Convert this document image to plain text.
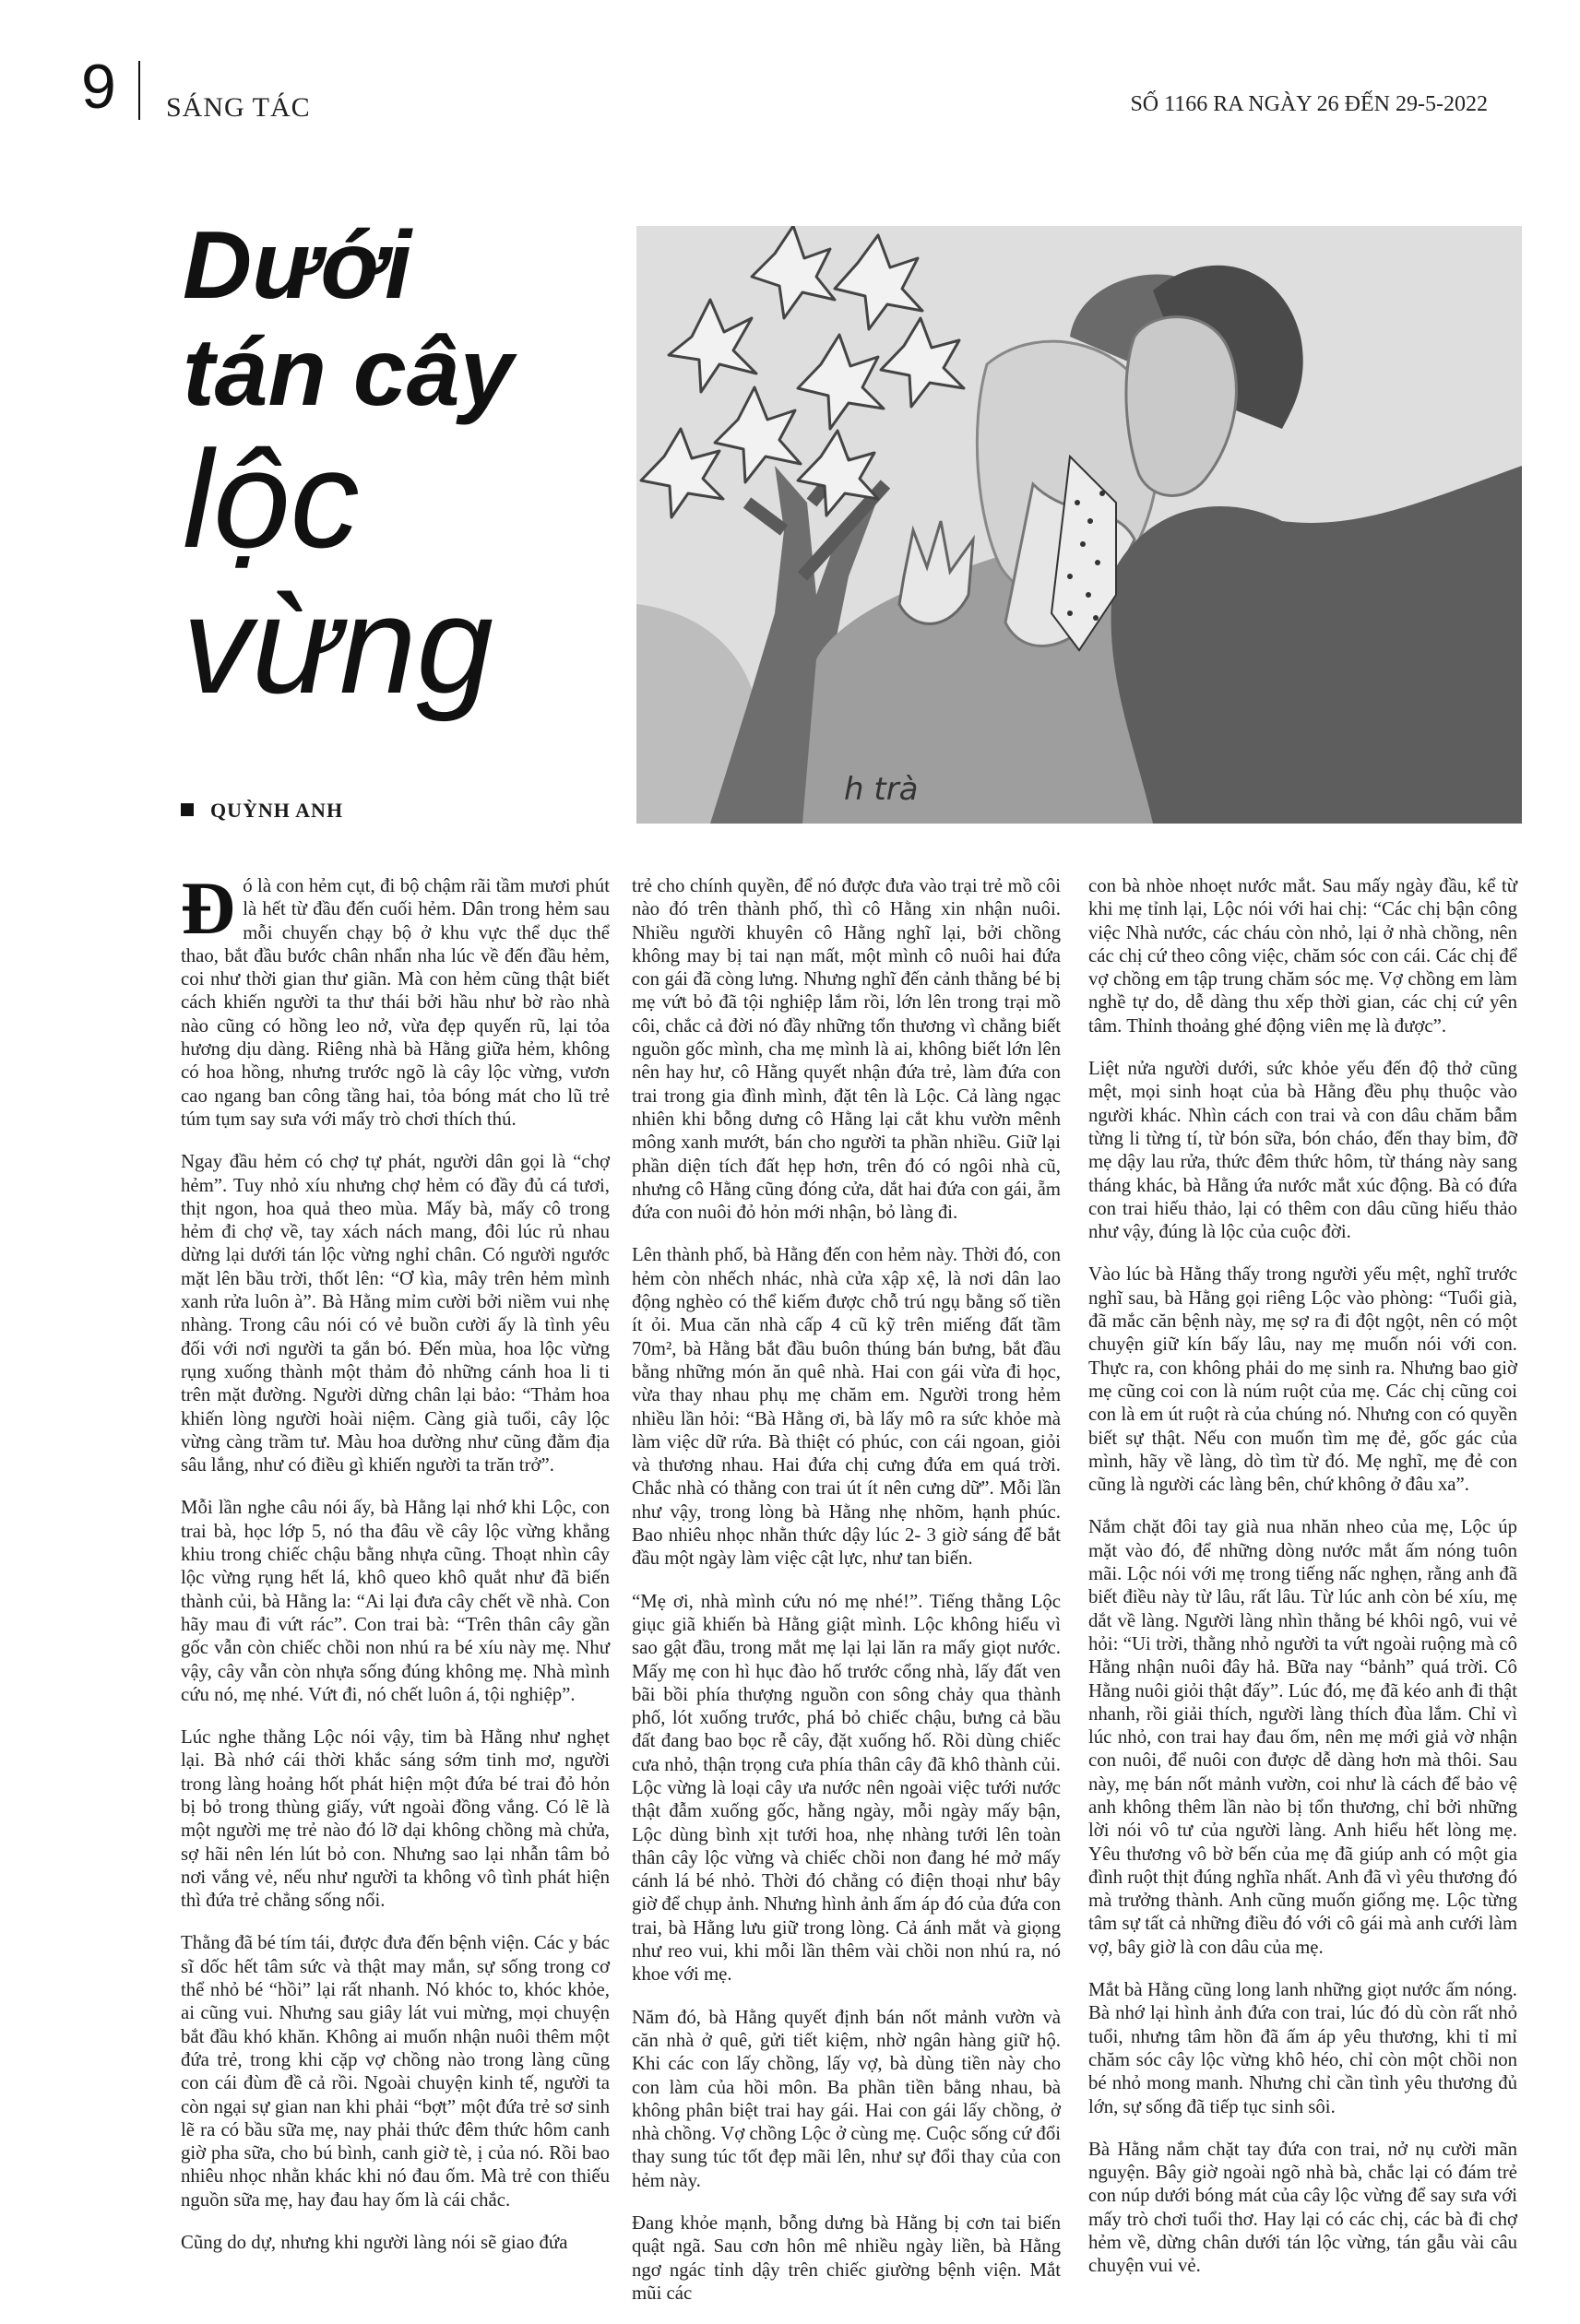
9 SÁNG TÁC	SỐ 1166 RA NGÀY 26 ĐẾN 29-5-2022
Dưới
tán cây
lộc
vừng
QUỲNH ANH
h trà

Đó là con hẻm cụt, đi bộ chậm rãi tầm mươi phút là hết từ đầu đến cuối hẻm. Dân trong hẻm sau mỗi chuyến chạy bộ ở khu vực thể dục thể thao, bắt đầu bước chân nhẩn nha lúc về đến đầu hẻm, coi như thời gian thư giãn. Mà con hẻm cũng thật biết cách khiến người ta thư thái bởi hầu như bờ rào nhà nào cũng có hồng leo nở, vừa đẹp quyến rũ, lại tỏa hương dịu dàng. Riêng nhà bà Hằng giữa hẻm, không có hoa hồng, nhưng trước ngõ là cây lộc vừng, vươn cao ngang ban công tầng hai, tỏa bóng mát cho lũ trẻ túm tụm say sưa với mấy trò chơi thích thú.

Ngay đầu hẻm có chợ tự phát, người dân gọi là “chợ hẻm”. Tuy nhỏ xíu nhưng chợ hẻm có đầy đủ cá tươi, thịt ngon, hoa quả theo mùa. Mấy bà, mấy cô trong hẻm đi chợ về, tay xách nách mang, đôi lúc rủ nhau dừng lại dưới tán lộc vừng nghỉ chân. Có người ngước mặt lên bầu trời, thốt lên: “Ơ kìa, mây trên hẻm mình xanh rửa luôn à”. Bà Hằng mỉm cười bởi niềm vui nhẹ nhàng. Trong câu nói có vẻ buồn cười ấy là tình yêu đối với nơi người ta gắn bó. Đến mùa, hoa lộc vừng rụng xuống thành một thảm đỏ những cánh hoa li ti trên mặt đường. Người dừng chân lại bảo: “Thảm hoa khiến lòng người hoài niệm. Càng già tuổi, cây lộc vừng càng trầm tư. Màu hoa dường như cũng đằm địa sâu lắng, như có điều gì khiến người ta trăn trở”.

Mỗi lần nghe câu nói ấy, bà Hằng lại nhớ khi Lộc, con trai bà, học lớp 5, nó tha đâu về cây lộc vừng khẳng khiu trong chiếc chậu bằng nhựa cũng. Thoạt nhìn cây lộc vừng rụng hết lá, khô queo khô quắt như đã biến thành củi, bà Hằng la: “Ai lại đưa cây chết về nhà. Con hãy mau đi vứt rác”. Con trai bà: “Trên thân cây gần gốc vẫn còn chiếc chồi non nhú ra bé xíu này mẹ. Như vậy, cây vẫn còn nhựa sống đúng không mẹ. Nhà mình cứu nó, mẹ nhé. Vứt đi, nó chết luôn á, tội nghiệp”.

Lúc nghe thằng Lộc nói vậy, tim bà Hằng như nghẹt lại. Bà nhớ cái thời khắc sáng sớm tinh mơ, người trong làng hoảng hốt phát hiện một đứa bé trai đỏ hỏn bị bỏ trong thùng giấy, vứt ngoài đồng vắng. Có lẽ là một người mẹ trẻ nào đó lỡ dại không chồng mà chửa, sợ hãi nên lén lút bỏ con. Nhưng sao lại nhẫn tâm bỏ nơi vắng vẻ, nếu như người ta không vô tình phát hiện thì đứa trẻ chẳng sống nổi.

Thằng đã bé tím tái, được đưa đến bệnh viện. Các y bác sĩ dốc hết tâm sức và thật may mắn, sự sống trong cơ thể nhỏ bé “hồi” lại rất nhanh. Nó khóc to, khóc khỏe, ai cũng vui. Nhưng sau giây lát vui mừng, mọi chuyện bắt đầu khó khăn. Không ai muốn nhận nuôi thêm một đứa trẻ, trong khi cặp vợ chồng nào trong làng cũng con cái đùm đề cả rồi. Ngoài chuyện kinh tế, người ta còn ngại sự gian nan khi phải “bợt” một đứa trẻ sơ sinh lẽ ra có bầu sữa mẹ, nay phải thức đêm thức hôm canh giờ pha sữa, cho bú bình, canh giờ tè, ị của nó. Rồi bao nhiêu nhọc nhằn khác khi nó đau ốm. Mà trẻ con thiếu nguồn sữa mẹ, hay đau hay ốm là cái chắc.

Cũng do dự, nhưng khi người làng nói sẽ giao đứa

trẻ cho chính quyền, để nó được đưa vào trại trẻ mồ côi nào đó trên thành phố, thì cô Hằng xin nhận nuôi. Nhiều người khuyên cô Hằng nghĩ lại, bởi chồng không may bị tai nạn mất, một mình cô nuôi hai đứa con gái đã còng lưng. Nhưng nghĩ đến cảnh thằng bé bị mẹ vứt bỏ đã tội nghiệp lắm rồi, lớn lên trong trại mồ côi, chắc cả đời nó đầy những tổn thương vì chẳng biết nguồn gốc mình, cha mẹ mình là ai, không biết lớn lên nên hay hư, cô Hằng quyết nhận đứa trẻ, làm đứa con trai trong gia đình mình, đặt tên là Lộc. Cả làng ngạc nhiên khi bỗng dưng cô Hằng lại cắt khu vườn mênh mông xanh mướt, bán cho người ta phần nhiều. Giữ lại phần diện tích đất hẹp hơn, trên đó có ngôi nhà cũ, nhưng cô Hằng cũng đóng cửa, dắt hai đứa con gái, ẵm đứa con nuôi đỏ hỏn mới nhận, bỏ làng đi.

Lên thành phố, bà Hằng đến con hẻm này. Thời đó, con hẻm còn nhếch nhác, nhà cửa xập xệ, là nơi dân lao động nghèo có thể kiếm được chỗ trú ngụ bằng số tiền ít ỏi. Mua căn nhà cấp 4 cũ kỹ trên miếng đất tầm 70m², bà Hằng bắt đầu buôn thúng bán bưng, bắt đầu bằng những món ăn quê nhà. Hai con gái vừa đi học, vừa thay nhau phụ mẹ chăm em. Người trong hẻm nhiều lần hỏi: “Bà Hằng ơi, bà lấy mô ra sức khỏe mà làm việc dữ rứa. Bà thiệt có phúc, con cái ngoan, giỏi và thương nhau. Hai đứa chị cưng đứa em quá trời. Chắc nhà có thằng con trai út ít nên cưng dữ”. Mỗi lần như vậy, trong lòng bà Hằng nhẹ nhõm, hạnh phúc. Bao nhiêu nhọc nhằn thức dậy lúc 2- 3 giờ sáng để bắt đầu một ngày làm việc cật lực, như tan biến.

“Mẹ ơi, nhà mình cứu nó mẹ nhé!”. Tiếng thằng Lộc giục giã khiến bà Hằng giật mình. Lộc không hiểu vì sao gật đầu, trong mắt mẹ lại lại lăn ra mấy giọt nước. Mấy mẹ con hì hục đào hố trước cổng nhà, lấy đất ven bãi bồi phía thượng nguồn con sông chảy qua thành phố, lót xuống trước, phá bỏ chiếc chậu, bưng cả bầu đất đang bao bọc rễ cây, đặt xuống hố. Rồi dùng chiếc cưa nhỏ, thận trọng cưa phía thân cây đã khô thành củi. Lộc vừng là loại cây ưa nước nên ngoài việc tưới nước thật đẫm xuống gốc, hằng ngày, mỗi ngày mấy bận, Lộc dùng bình xịt tưới hoa, nhẹ nhàng tưới lên toàn thân cây lộc vừng và chiếc chồi non đang hé mở mấy cánh lá bé nhỏ. Thời đó chẳng có điện thoại như bây giờ để chụp ảnh. Nhưng hình ảnh ấm áp đó của đứa con trai, bà Hằng lưu giữ trong lòng. Cả ánh mắt và giọng như reo vui, khi mỗi lần thêm vài chồi non nhú ra, nó khoe với mẹ.

Năm đó, bà Hằng quyết định bán nốt mảnh vườn và căn nhà ở quê, gửi tiết kiệm, nhờ ngân hàng giữ hộ. Khi các con lấy chồng, lấy vợ, bà dùng tiền này cho con làm của hồi môn. Ba phần tiền bằng nhau, bà không phân biệt trai hay gái. Hai con gái lấy chồng, ở nhà chồng. Vợ chồng Lộc ở cùng mẹ. Cuộc sống cứ đổi thay sung túc tốt đẹp mãi lên, như sự đổi thay của con hẻm này.

Đang khỏe mạnh, bỗng dưng bà Hằng bị cơn tai biến quật ngã. Sau cơn hôn mê nhiều ngày liền, bà Hằng ngơ ngác tỉnh dậy trên chiếc giường bệnh viện. Mắt mũi các

con bà nhòe nhoẹt nước mắt. Sau mấy ngày đầu, kể từ khi mẹ tỉnh lại, Lộc nói với hai chị: “Các chị bận công việc Nhà nước, các cháu còn nhỏ, lại ở nhà chồng, nên các chị cứ theo công việc, chăm sóc con cái. Các chị để vợ chồng em tập trung chăm sóc mẹ. Vợ chồng em làm nghề tự do, dễ dàng thu xếp thời gian, các chị cứ yên tâm. Thỉnh thoảng ghé động viên mẹ là được”.

Liệt nửa người dưới, sức khỏe yếu đến độ thở cũng mệt, mọi sinh hoạt của bà Hằng đều phụ thuộc vào người khác. Nhìn cách con trai và con dâu chăm bẫm từng li từng tí, từ bón sữa, bón cháo, đến thay bỉm, đỡ mẹ dậy lau rửa, thức đêm thức hôm, từ tháng này sang tháng khác, bà Hằng ứa nước mắt xúc động. Bà có đứa con trai hiếu thảo, lại có thêm con dâu cũng hiếu thảo như vậy, đúng là lộc của cuộc đời.

Vào lúc bà Hằng thấy trong người yếu mệt, nghĩ trước nghĩ sau, bà Hằng gọi riêng Lộc vào phòng: “Tuổi già, đã mắc căn bệnh này, mẹ sợ ra đi đột ngột, nên có một chuyện giữ kín bấy lâu, nay mẹ muốn nói với con. Thực ra, con không phải do mẹ sinh ra. Nhưng bao giờ mẹ cũng coi con là núm ruột của mẹ. Các chị cũng coi con là em út ruột rà của chúng nó. Nhưng con có quyền biết sự thật. Nếu con muốn tìm mẹ đẻ, gốc gác của mình, hãy về làng, dò tìm từ đó. Mẹ nghĩ, mẹ đẻ con cũng là người các làng bên, chứ không ở đâu xa”.

Nắm chặt đôi tay già nua nhăn nheo của mẹ, Lộc úp mặt vào đó, để những dòng nước mắt ấm nóng tuôn mãi. Lộc nói với mẹ trong tiếng nấc nghẹn, rằng anh đã biết điều này từ lâu, rất lâu. Từ lúc anh còn bé xíu, mẹ dắt về làng. Người làng nhìn thằng bé khôi ngô, vui vẻ hỏi: “Ui trời, thằng nhỏ người ta vứt ngoài ruộng mà cô Hằng nhận nuôi đây hả. Bữa nay “bảnh” quá trời. Cô Hằng nuôi giỏi thật đấy”. Lúc đó, mẹ đã kéo anh đi thật nhanh, rồi giải thích, người làng thích đùa lắm. Chỉ vì lúc nhỏ, con trai hay đau ốm, nên mẹ mới giả vờ nhận con nuôi, để nuôi con được dễ dàng hơn mà thôi. Sau này, mẹ bán nốt mảnh vườn, coi như là cách để bảo vệ anh không thêm lần nào bị tổn thương, chỉ bởi những lời nói vô tư của người làng. Anh hiểu hết lòng mẹ. Yêu thương vô bờ bến của mẹ đã giúp anh có một gia đình ruột thịt đúng nghĩa nhất. Anh đã vì yêu thương đó mà trưởng thành. Anh cũng muốn giống mẹ. Lộc từng tâm sự tất cả những điều đó với cô gái mà anh cưới làm vợ, bây giờ là con dâu của mẹ.

Mắt bà Hằng cũng long lanh những giọt nước ấm nóng. Bà nhớ lại hình ảnh đứa con trai, lúc đó dù còn rất nhỏ tuổi, nhưng tâm hồn đã ấm áp yêu thương, khi tỉ mỉ chăm sóc cây lộc vừng khô héo, chỉ còn một chồi non bé nhỏ mong manh. Nhưng chỉ cần tình yêu thương đủ lớn, sự sống đã tiếp tục sinh sôi.

Bà Hằng nắm chặt tay đứa con trai, nở nụ cười mãn nguyện. Bây giờ ngoài ngõ nhà bà, chắc lại có đám trẻ con núp dưới bóng mát của cây lộc vừng để say sưa với mấy trò chơi tuổi thơ. Hay lại có các chị, các bà đi chợ hẻm về, dừng chân dưới tán lộc vừng, tán gẫu vài câu chuyện vui vẻ.
